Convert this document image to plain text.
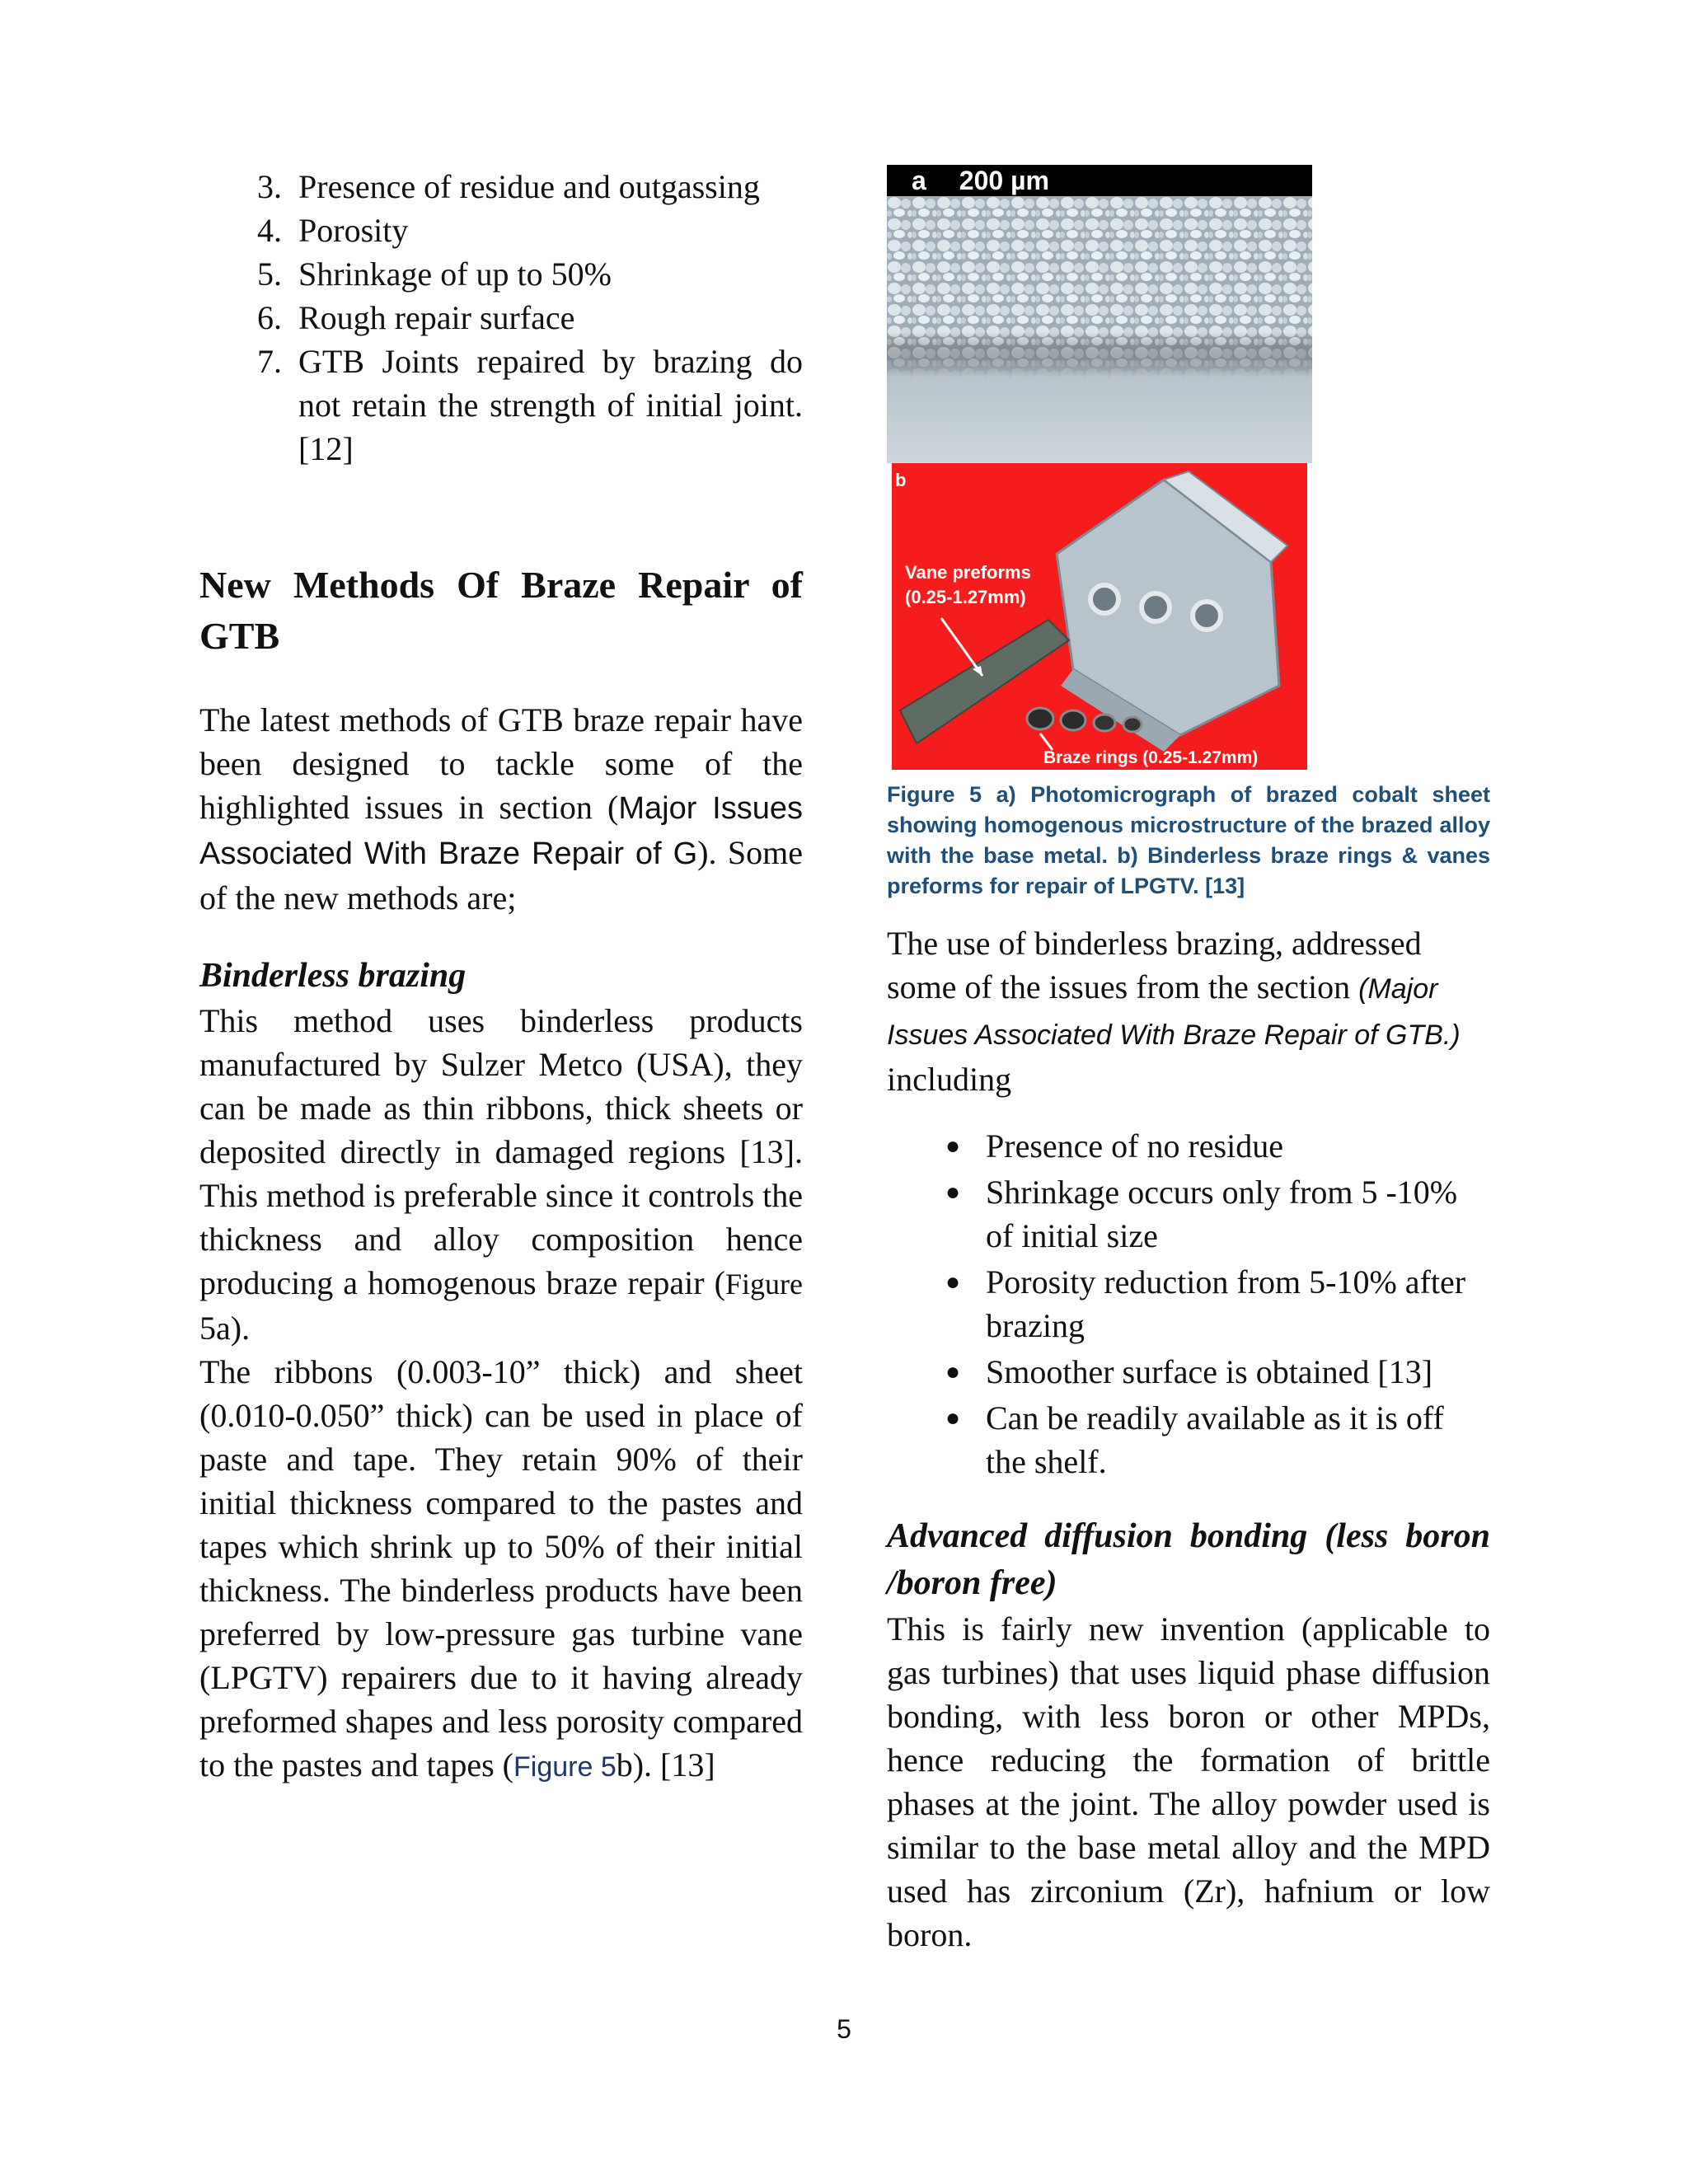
3. Presence of residue and outgassing
4. Porosity
5. Shrinkage of up to 50%
6. Rough repair surface
7. GTB Joints repaired by brazing do not retain the strength of initial joint. [12]
New Methods Of Braze Repair of GTB

The latest methods of GTB braze repair have been designed to tackle some of the highlighted issues in section (Major Issues Associated With Braze Repair of G). Some of the new methods are;

Binderless brazing

This method uses binderless products manufactured by Sulzer Metco (USA), they can be made as thin ribbons, thick sheets or deposited directly in damaged regions [13]. This method is preferable since it controls the thickness and alloy composition hence producing a homogenous braze repair (Figure 5a).

The ribbons (0.003-10” thick) and sheet (0.010-0.050” thick) can be used in place of paste and tape. They retain 90% of their initial thickness compared to the pastes and tapes which shrink up to 50% of their initial thickness. The binderless products have been preferred by low-pressure gas turbine vane (LPGTV) repairers due to it having already preformed shapes and less porosity compared to the pastes and tapes (Figure 5b). [13]

a 200 µm
b
Vane preforms
(0.25-1.27mm)
Braze rings (0.25-1.27mm)
Figure 5 a) Photomicrograph of brazed cobalt sheet showing homogenous microstructure of the brazed alloy with the base metal. b) Binderless braze rings & vanes preforms for repair of LPGTV. [13]

The use of binderless brazing, addressed some of the issues from the section (Major Issues Associated With Braze Repair of GTB.) including

● Presence of no residue
● Shrinkage occurs only from 5 -10% of initial size
● Porosity reduction from 5-10% after brazing
● Smoother surface is obtained [13]
● Can be readily available as it is off the shelf.
Advanced diffusion bonding (less boron /boron free)

This is fairly new invention (applicable to gas turbines) that uses liquid phase diffusion bonding, with less boron or other MPDs, hence reducing the formation of brittle phases at the joint. The alloy powder used is similar to the base metal alloy and the MPD used has zirconium (Zr), hafnium or low boron.

5
